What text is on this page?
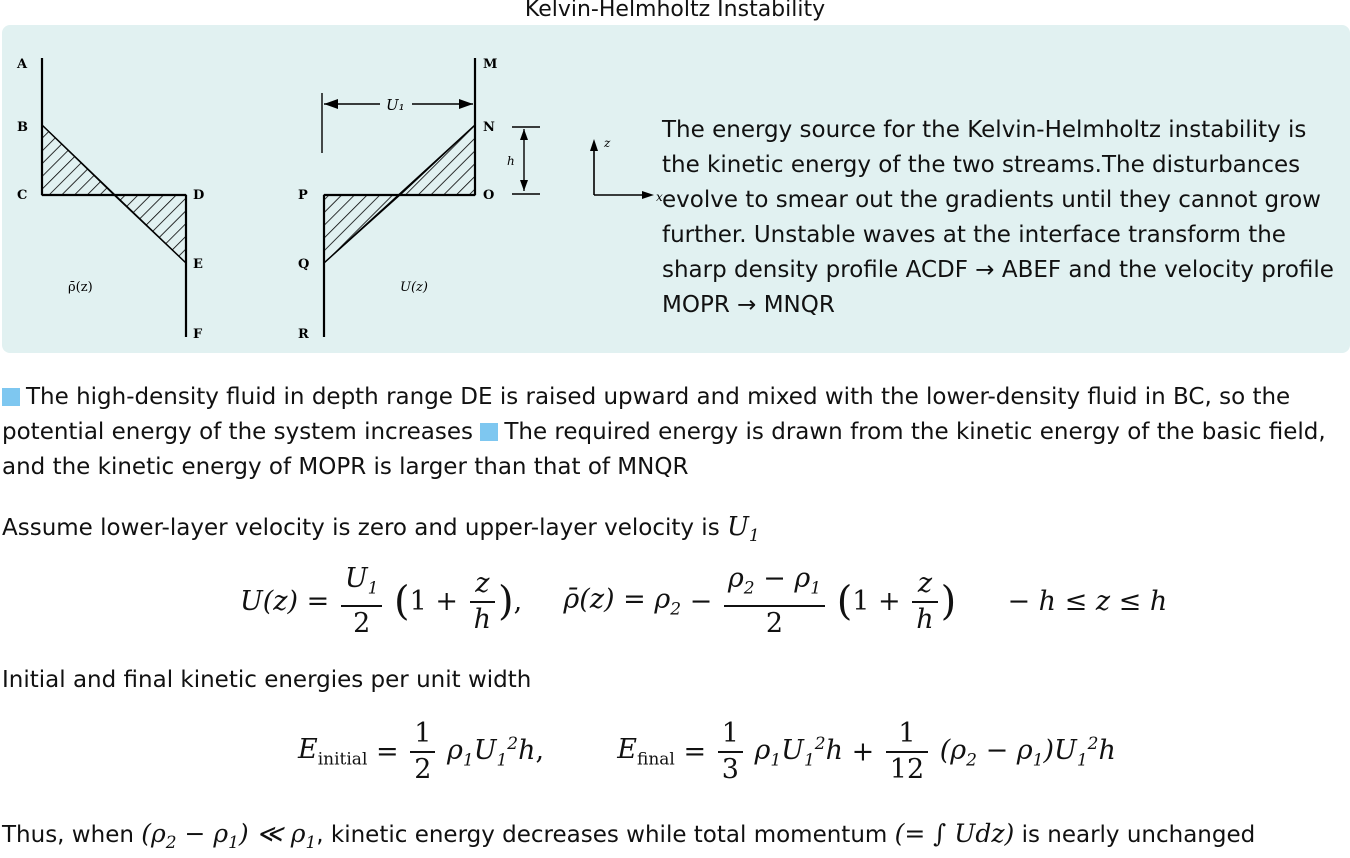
Kelvin-Helmholtz Instability
A
B
C	D
E
F
M
N
O
P
Q
R
ρ̄(z)	U(z)
U₁
h
z
x
The energy source for the Kelvin-Helmholtz instability is the kinetic energy of the two streams.The disturbances evolve to smear out the gradients until they cannot grow further. Unstable waves at the interface transform the sharp density profile ACDF → ABEF and the velocity profile MOPR → MNQR
The high-density fluid in depth range DE is raised upward and mixed with the lower-density fluid in BC, so the potential energy of the system increases The required energy is drawn from the kinetic energy of the basic field, and the kinetic energy of MOPR is larger than that of MNQR
Assume lower-layer velocity is zero and upper-layer velocity is $U_1$
$U(z) = \frac{U_1}{2} (1 + \frac{z}{h}$ ), ρ̄(z) = $\rho_2 - \frac{\rho_2 - \rho_1}{2} (1 + \frac{z}{h}$ ) − h ≤ z ≤ h
Initial and final kinetic energies per unit width
$E_{initial} = \frac{1}{2} \rho_1U_1^2h$,	$E_{final} = \frac{1}{3} \rho_1U_1^2h + \frac{1}{12} (\rho_2 - \rho_1)U_1^2h$
Thus, when $(\rho_2 - \rho_1)$ ≪ $\rho_1$, kinetic energy decreases while total momentum (= ∫ Udz) is nearly unchanged
